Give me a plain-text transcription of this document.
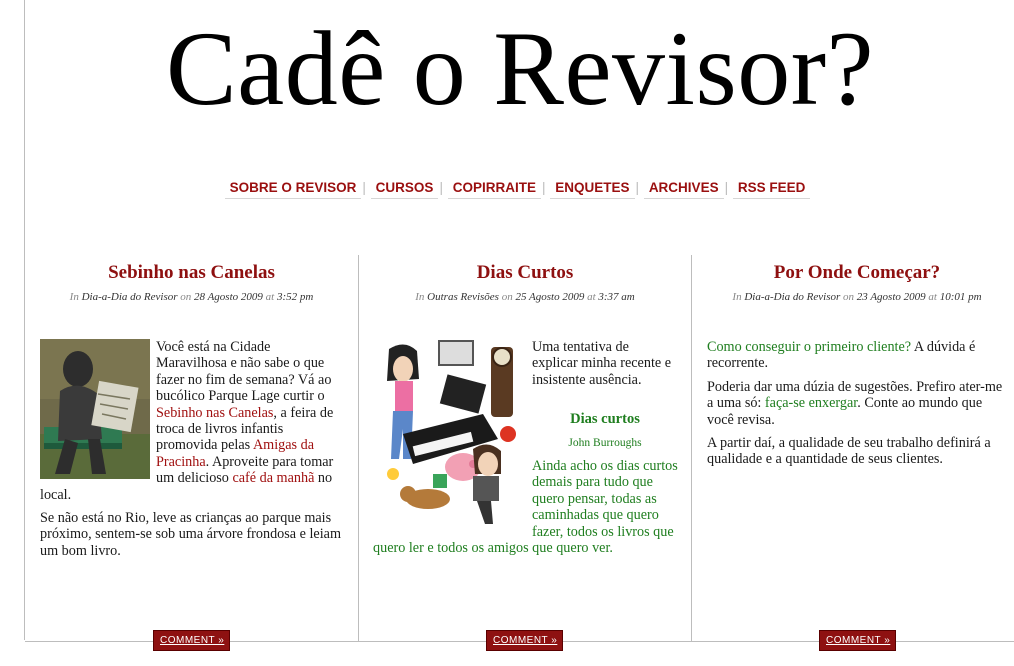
Cadê o Revisor?
SOBRE O REVISOR | CURSOS | COPIRRAITE | ENQUETES | ARCHIVES | RSS FEED
Sebinho nas Canelas
In Dia-a-Dia do Revisor on 28 Agosto 2009 at 3:52 pm

Você está na Cidade Maravilhosa e não sabe o que fazer no fim de semana? Vá ao bucólico Parque Lage curtir o Sebinho nas Canelas, a feira de troca de livros infantis promovida pelas Amigas da Pracinha. Aproveite para tomar um delicioso café da manhã no local.

Se não está no Rio, leve as crianças ao parque mais próximo, sentem-se sob uma árvore frondosa e leiam um bom livro.

COMMENT »
Dias Curtos
In Outras Revisões on 25 Agosto 2009 at 3:37 am

Uma tentativa de explicar minha recente e insistente ausência.

Dias curtos

John Burroughs

Ainda acho os dias curtos demais para tudo que quero pensar, todas as caminhadas que quero fazer, todos os livros que quero ler e todos os amigos que quero ver.

COMMENT »
Por Onde Começar?
In Dia-a-Dia do Revisor on 23 Agosto 2009 at 10:01 pm

Como conseguir o primeiro cliente? A dúvida é recorrente.

Poderia dar uma dúzia de sugestões. Prefiro ater-me a uma só: faça-se enxergar. Conte ao mundo que você revisa.

A partir daí, a qualidade de seu trabalho definirá a qualidade e a quantidade de seus clientes.

COMMENT »
